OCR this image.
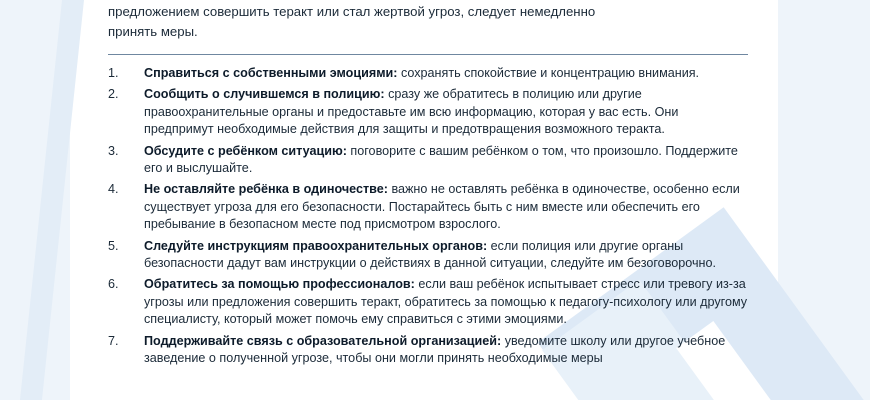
предложением совершить теракт или стал жертвой угроз, следует немедленно

принять меры.

1.	Справиться с собственными эмоциями: сохранять спокойствие и концентрацию внимания.
2.	Сообщить о случившемся в полицию: сразу же обратитесь в полицию или другие правоохранительные органы и предоставьте им всю информацию, которая у вас есть. Они предпримут необходимые действия для защиты и предотвращения возможного теракта.
3.	Обсудите с ребёнком ситуацию: поговорите с вашим ребёнком о том, что произошло. Поддержите его и выслушайте.
4.	Не оставляйте ребёнка в одиночестве: важно не оставлять ребёнка в одиночестве, особенно если существует угроза для его безопасности. Постарайтесь быть с ним вместе или обеспечить его пребывание в безопасном месте под присмотром взрослого.
5.	Следуйте инструкциям правоохранительных органов: если полиция или другие органы безопасности дадут вам инструкции о действиях в данной ситуации, следуйте им безоговорочно.
6.	Обратитесь за помощью профессионалов: если ваш ребёнок испытывает стресс или тревогу из-за угрозы или предложения совершить теракт, обратитесь за помощью к педагогу-психологу или другому специалисту, который может помочь ему справиться с этими эмоциями.
7.	Поддерживайте связь с образовательной организацией: уведомите школу или другое учебное заведение о полученной угрозе, чтобы они могли принять необходимые меры
